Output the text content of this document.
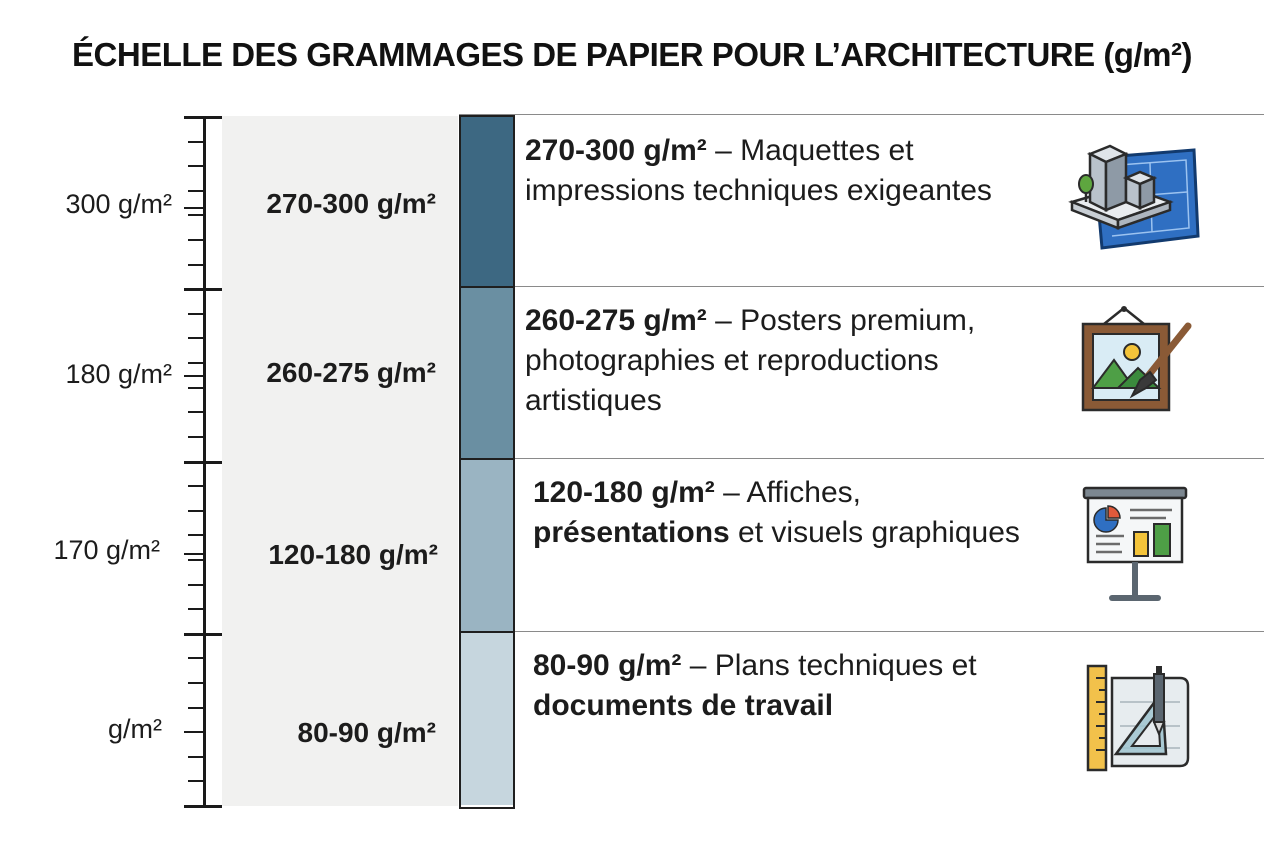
ÉCHELLE DES GRAMMAGES DE PAPIER POUR L’ARCHITECTURE (g/m²)
300 g/m²
180 g/m²
170 g/m²
g/m²
270-300 g/m²
260-275 g/m²
120-180 g/m²
80-90 g/m²
270-300 g/m² – Maquettes et impressions techniques exigeantes
260-275 g/m² – Posters premium, photographies et reproductions artistiques
120-180 g/m² – Affiches, présentations et visuels graphiques
80-90 g/m² – Plans techniques et documents de travail
